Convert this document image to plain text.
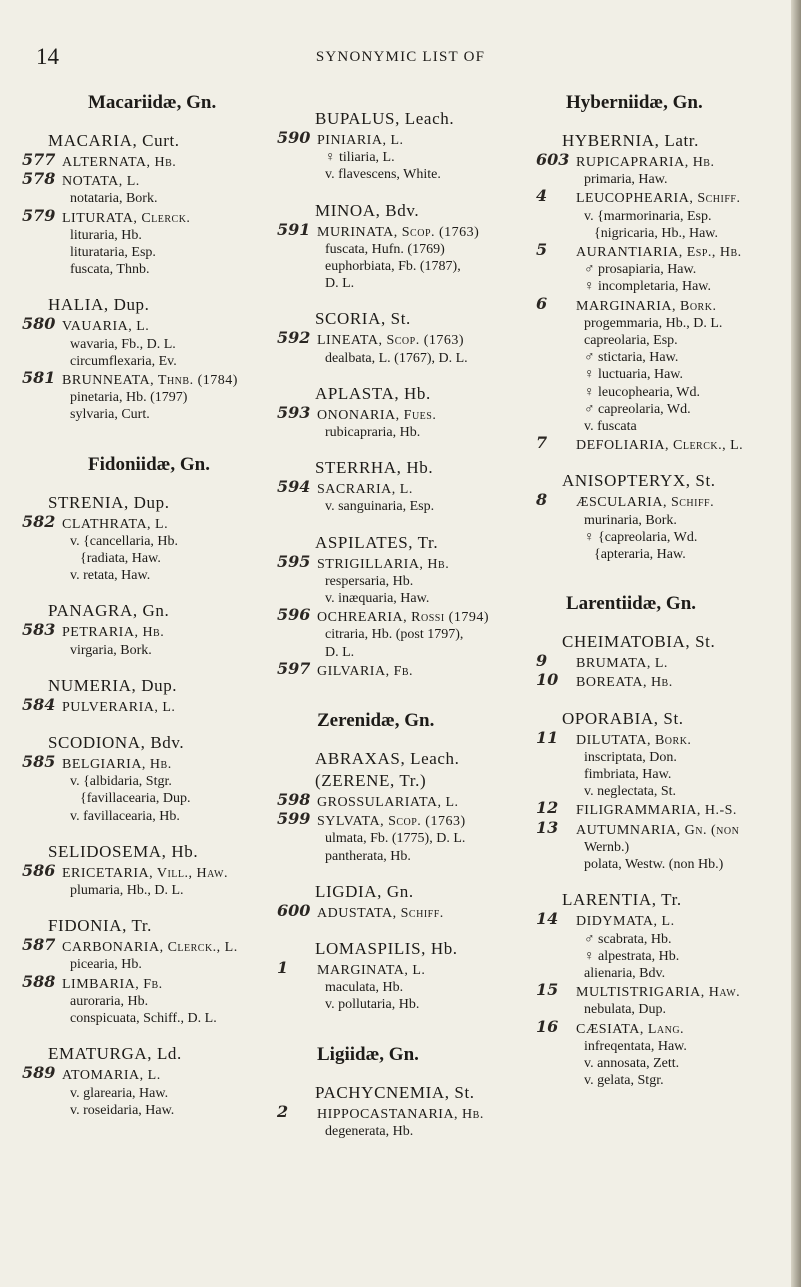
14	SYNONYMIC LIST OF
Macariidæ, Gn.
MACARIA, Curt.
577 ALTERNATA, Hb.
578 NOTATA, L.
notataria, Bork.
579 LITURATA, Clerck.
lituraria, Hb.
liturataria, Esp.
fuscata, Thnb.
HALIA, Dup.
580 VAUARIA, L.
wavaria, Fb., D. L.
circumflexaria, Ev.
581 BRUNNEATA, Thnb. (1784)
pinetaria, Hb. (1797)
sylvaria, Curt.
Fidoniidæ, Gn.
STRENIA, Dup.
582 CLATHRATA, L.
v. {cancellaria, Hb.
{radiata, Haw.
v. retata, Haw.
PANAGRA, Gn.
583 PETRARIA, Hb.
virgaria, Bork.
NUMERIA, Dup.
584 PULVERARIA, L.
SCODIONA, Bdv.
585 BELGIARIA, Hb.
v. {albidaria, Stgr.
{favillacearia, Dup.
v. favillacearia, Hb.
SELIDOSEMA, Hb.
586 ERICETARIA, Vill., Haw.
plumaria, Hb., D. L.
FIDONIA, Tr.
587 CARBONARIA, Clerck., L.
picearia, Hb.
588 LIMBARIA, Fb.
auroraria, Hb.
conspicuata, Schiff., D. L.
EMATURGA, Ld.
589 ATOMARIA, L.
v. glarearia, Haw.
v. roseidaria, Haw.
BUPALUS, Leach.
590 PINIARIA, L.
♀ tiliaria, L.
v. flavescens, White.
MINOA, Bdv.
591 MURINATA, Scop. (1763)
fuscata, Hufn. (1769)
euphorbiata, Fb. (1787),
D. L.
SCORIA, St.
592 LINEATA, Scop. (1763)
dealbata, L. (1767), D. L.
APLASTA, Hb.
593 ONONARIA, Fues.
rubicapraria, Hb.
STERRHA, Hb.
594 SACRARIA, L.
v. sanguinaria, Esp.
ASPILATES, Tr.
595 STRIGILLARIA, Hb.
respersaria, Hb.
v. inæquaria, Haw.
596 OCHREARIA, Rossi (1794)
citraria, Hb. (post 1797),
D. L.
597 GILVARIA, Fb.
Zerenidæ, Gn.
ABRAXAS, Leach.
(ZERENE, Tr.)
598 GROSSULARIATA, L.
599 SYLVATA, Scop. (1763)
ulmata, Fb. (1775), D. L.
pantherata, Hb.
LIGDIA, Gn.
600 ADUSTATA, Schiff.
LOMASPILIS, Hb.
1 MARGINATA, L.
maculata, Hb.
v. pollutaria, Hb.
Ligiidæ, Gn.
PACHYCNEMIA, St.
2 HIPPOCASTANARIA, Hb.
degenerata, Hb.
Hyberniidæ, Gn.
HYBERNIA, Latr.
603 RUPICAPRARIA, Hb.
primaria, Haw.
4 LEUCOPHEARIA, Schiff.
v. {marmorinaria, Esp.
{nigricaria, Hb., Haw.
5 AURANTIARIA, Esp., Hb.
♂ prosapiaria, Haw.
♀ incompletaria, Haw.
6 MARGINARIA, Bork.
progemmaria, Hb., D. L.
capreolaria, Esp.
♂ stictaria, Haw.
♀ luctuaria, Haw.
♀ leucophearia, Wd.
♂ capreolaria, Wd.
v. fuscata
7 DEFOLIARIA, Clerck., L.
ANISOPTERYX, St.
8 ÆSCULARIA, Schiff.
murinaria, Bork.
♀ {capreolaria, Wd.
{apteraria, Haw.
Larentiidæ, Gn.
CHEIMATOBIA, St.
9 BRUMATA, L.
10 BOREATA, Hb.
OPORABIA, St.
11 DILUTATA, Bork.
inscriptata, Don.
fimbriata, Haw.
v. neglectata, St.
12 FILIGRAMMARIA, H.-S.
13 AUTUMNARIA, Gn. (non
Wernb.)
polata, Westw. (non Hb.)
LARENTIA, Tr.
14 DIDYMATA, L.
♂ scabrata, Hb.
♀ alpestrata, Hb.
alienaria, Bdv.
15 MULTISTRIGARIA, Haw.
nebulata, Dup.
16 CÆSIATA, Lang.
infreqentata, Haw.
v. annosata, Zett.
v. gelata, Stgr.
